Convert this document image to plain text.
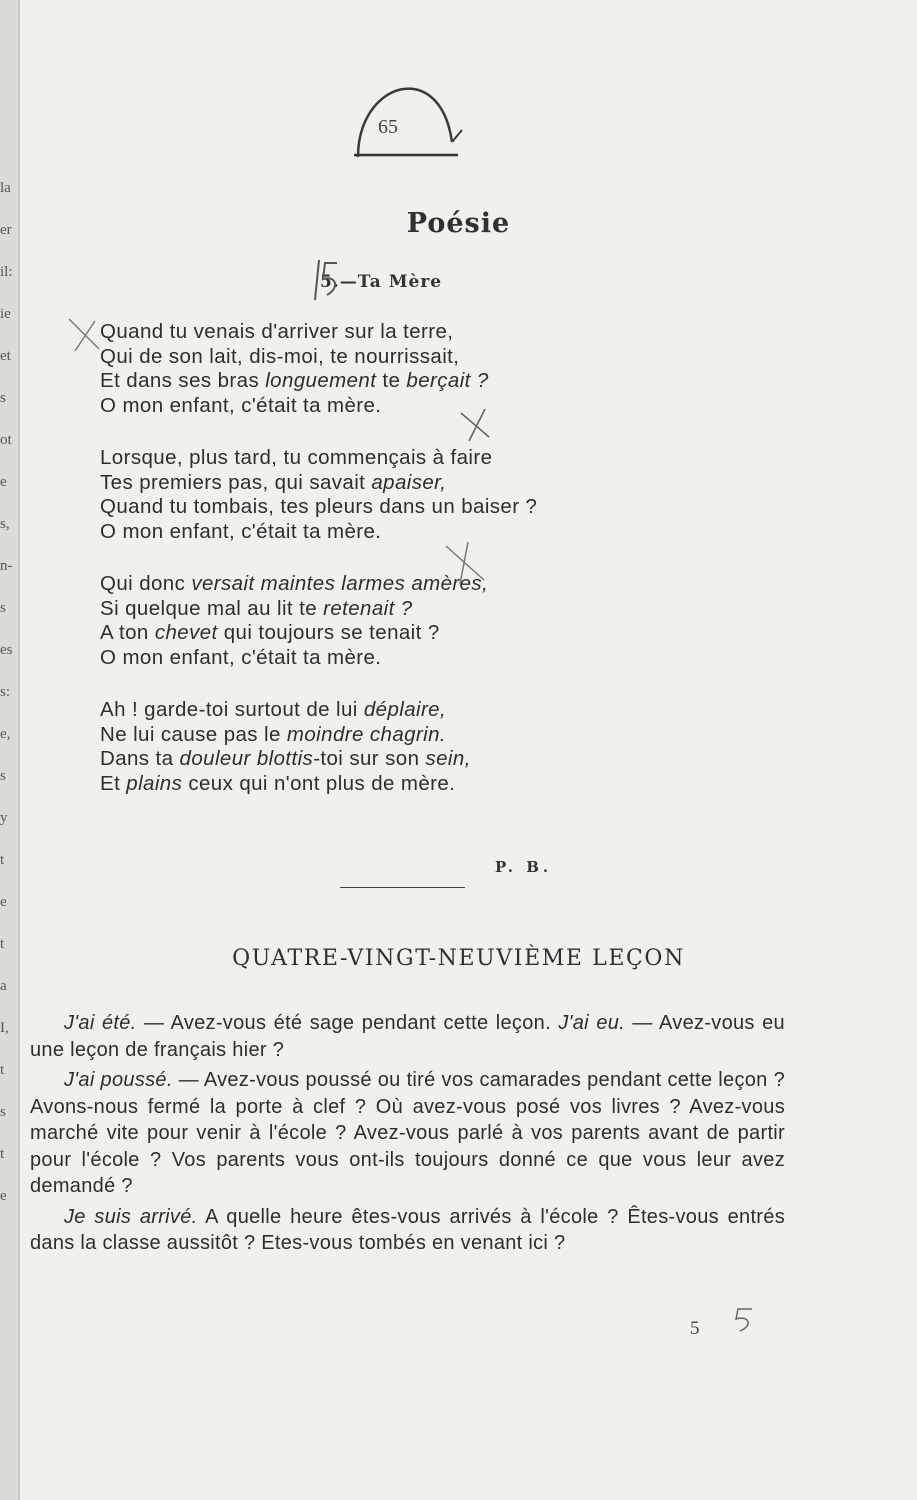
la
er
il:
ie
et
s
ot
e
s,
n-
s
es
s:
e,
s
y
t
e
t
a
I,
t
s
t
e
65
Poésie
5.—Ta Mère
Quand tu venais d'arriver sur la terre,
Qui de son lait, dis-moi, te nourrissait,
Et dans ses bras longuement te berçait ?
O mon enfant, c'était ta mère.
Lorsque, plus tard, tu commençais à faire
Tes premiers pas, qui savait apaiser,
Quand tu tombais, tes pleurs dans un baiser ?
O mon enfant, c'était ta mère.
Qui donc versait maintes larmes amères,
Si quelque mal au lit te retenait ?
A ton chevet qui toujours se tenait ?
O mon enfant, c'était ta mère.
Ah ! garde-toi surtout de lui déplaire,
Ne lui cause pas le moindre chagrin.
Dans ta douleur blottis-toi sur son sein,
Et plains ceux qui n'ont plus de mère.
P. B.
QUATRE-VINGT-NEUVIÈME LEÇON

J'ai été. — Avez-vous été sage pendant cette leçon. J'ai eu. — Avez-vous eu une leçon de français hier ?

J'ai poussé. — Avez-vous poussé ou tiré vos camarades pendant cette leçon ? Avons-nous fermé la porte à clef ? Où avez-vous posé vos livres ? Avez-vous marché vite pour venir à l'école ? Avez-vous parlé à vos parents avant de partir pour l'école ? Vos parents vous ont-ils toujours donné ce que vous leur avez demandé ?

Je suis arrivé. A quelle heure êtes-vous arrivés à l'école ? Êtes-vous entrés dans la classe aussitôt ? Etes-vous tombés en venant ici ?

5
